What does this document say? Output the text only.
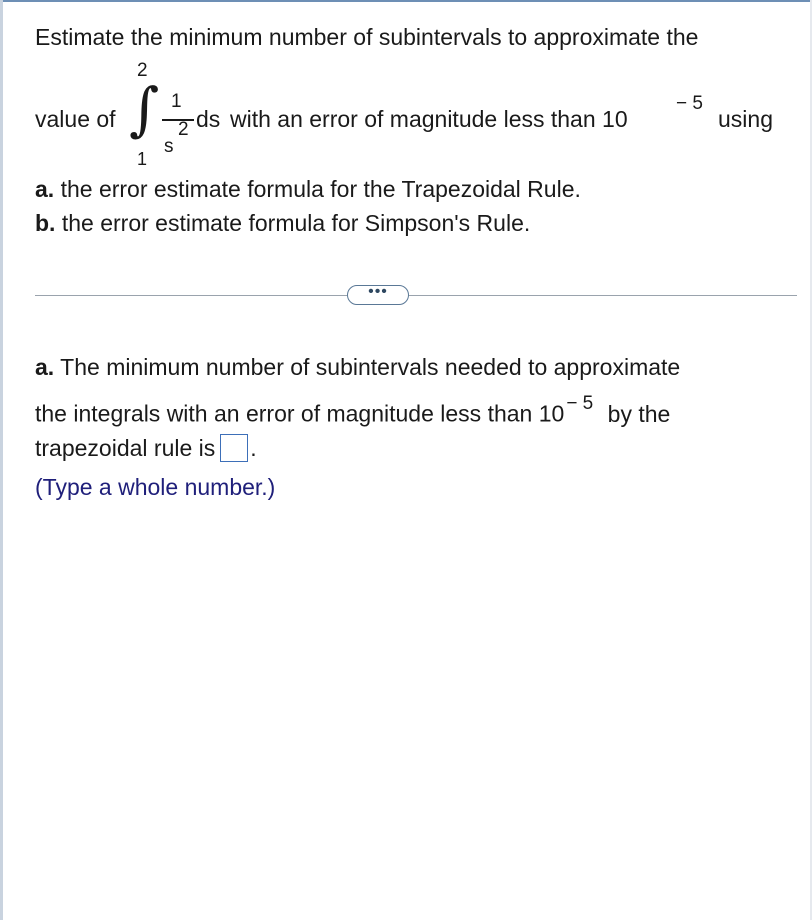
Estimate the minimum number of subintervals to approximate the
value of
2
∫
1
1
2
s
ds with an error of magnitude less than 10
− 5
using
a. the error estimate formula for the Trapezoidal Rule.
b. the error estimate formula for Simpson's Rule.
•••
a. The minimum number of subintervals needed to approximate
the integrals with an error of magnitude less than 10 $^{- 5}$ by the
trapezoidal rule is .
(Type a whole number.)
